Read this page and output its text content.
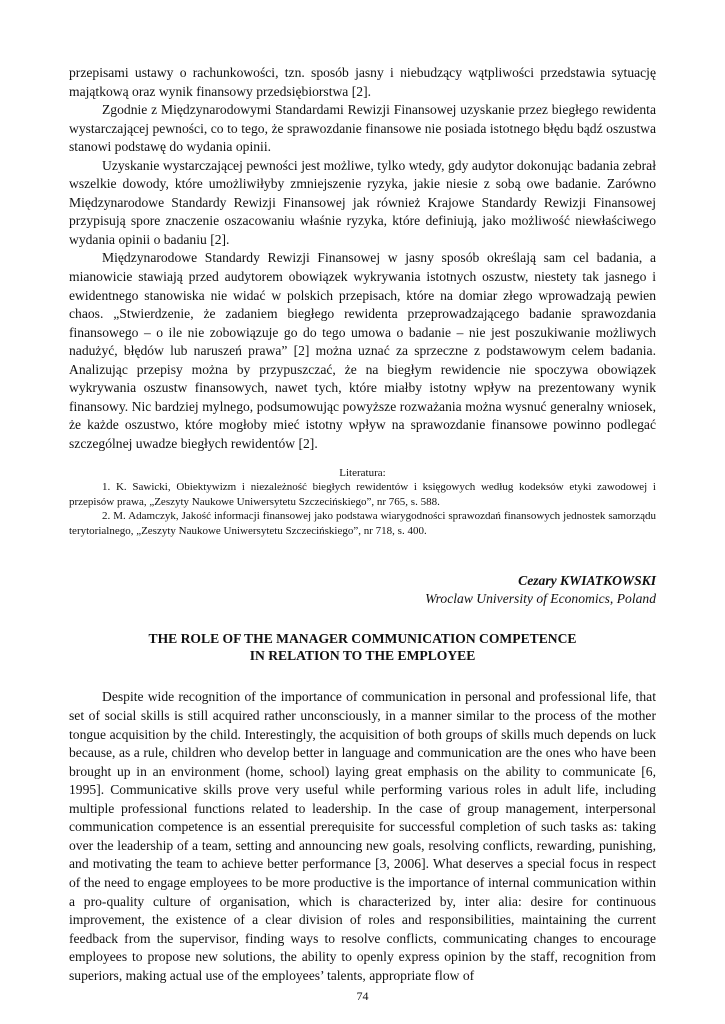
przepisami ustawy o rachunkowości, tzn. sposób jasny i niebudzący wątpliwości przedstawia sytuację majątkową oraz wynik finansowy przedsiębiorstwa [2].

Zgodnie z Międzynarodowymi Standardami Rewizji Finansowej uzyskanie przez biegłego rewidenta wystarczającej pewności, co to tego, że sprawozdanie finansowe nie posiada istotnego błędu bądź oszustwa stanowi podstawę do wydania opinii.

Uzyskanie wystarczającej pewności jest możliwe, tylko wtedy, gdy audytor dokonując badania zebrał wszelkie dowody, które umożliwiłyby zmniejszenie ryzyka, jakie niesie z sobą owe badanie. Zarówno Międzynarodowe Standardy Rewizji Finansowej jak również Krajowe Standardy Rewizji Finansowej przypisują spore znaczenie oszacowaniu właśnie ryzyka, które definiują, jako możliwość niewłaściwego wydania opinii o badaniu [2].

Międzynarodowe Standardy Rewizji Finansowej w jasny sposób określają sam cel badania, a mianowicie stawiają przed audytorem obowiązek wykrywania istotnych oszustw, niestety tak jasnego i ewidentnego stanowiska nie widać w polskich przepisach, które na domiar złego wprowadzają pewien chaos. „Stwierdzenie, że zadaniem biegłego rewidenta przeprowadzającego badanie sprawozdania finansowego – o ile nie zobowiązuje go do tego umowa o badanie – nie jest poszukiwanie możliwych nadużyć, błędów lub naruszeń prawa” [2] można uznać za sprzeczne z podstawowym celem badania. Analizując przepisy można by przypuszczać, że na biegłym rewidencie nie spoczywa obowiązek wykrywania oszustw finansowych, nawet tych, które miałby istotny wpływ na prezentowany wynik finansowy. Nic bardziej mylnego, podsumowując powyższe rozważania można wysnuć generalny wniosek, że każde oszustwo, które mogłoby mieć istotny wpływ na sprawozdanie finansowe powinno podlegać szczególnej uwadze biegłych rewidentów [2].

Literatura:

1. K. Sawicki, Obiektywizm i niezależność biegłych rewidentów i księgowych według kodeksów etyki zawodowej i przepisów prawa, „Zeszyty Naukowe Uniwersytetu Szczecińskiego”, nr 765, s. 588.

2. M. Adamczyk, Jakość informacji finansowej jako podstawa wiarygodności sprawozdań finansowych jednostek samorządu terytorialnego, „Zeszyty Naukowe Uniwersytetu Szczecińskiego”, nr 718, s. 400.

Cezary KWIATKOWSKI

Wroclaw University of Economics, Poland

THE ROLE OF THE MANAGER COMMUNICATION COMPETENCE

IN RELATION TO THE EMPLOYEE

Despite wide recognition of the importance of communication in personal and professional life, that set of social skills is still acquired rather unconsciously, in a manner similar to the process of the mother tongue acquisition by the child. Interestingly, the acquisition of both groups of skills much depends on luck because, as a rule, children who develop better in language and communication are the ones who have been brought up in an environment (home, school) laying great emphasis on the ability to communicate [6, 1995]. Communicative skills prove very useful while performing various roles in adult life, including multiple professional functions related to leadership. In the case of group management, interpersonal communication competence is an essential prerequisite for successful completion of such tasks as: taking over the leadership of a team, setting and announcing new goals, resolving conflicts, rewarding, punishing, and motivating the team to achieve better performance [3, 2006]. What deserves a special focus in respect of the need to engage employees to be more productive is the importance of internal communication within a pro-quality culture of organisation, which is characterized by, inter alia: desire for continuous improvement, the existence of a clear division of roles and responsibilities, maintaining the current feedback from the supervisor, finding ways to resolve conflicts, communicating changes to encourage employees to propose new solutions, the ability to openly express opinion by the staff, recognition from superiors, making actual use of the employees’ talents, appropriate flow of

74
